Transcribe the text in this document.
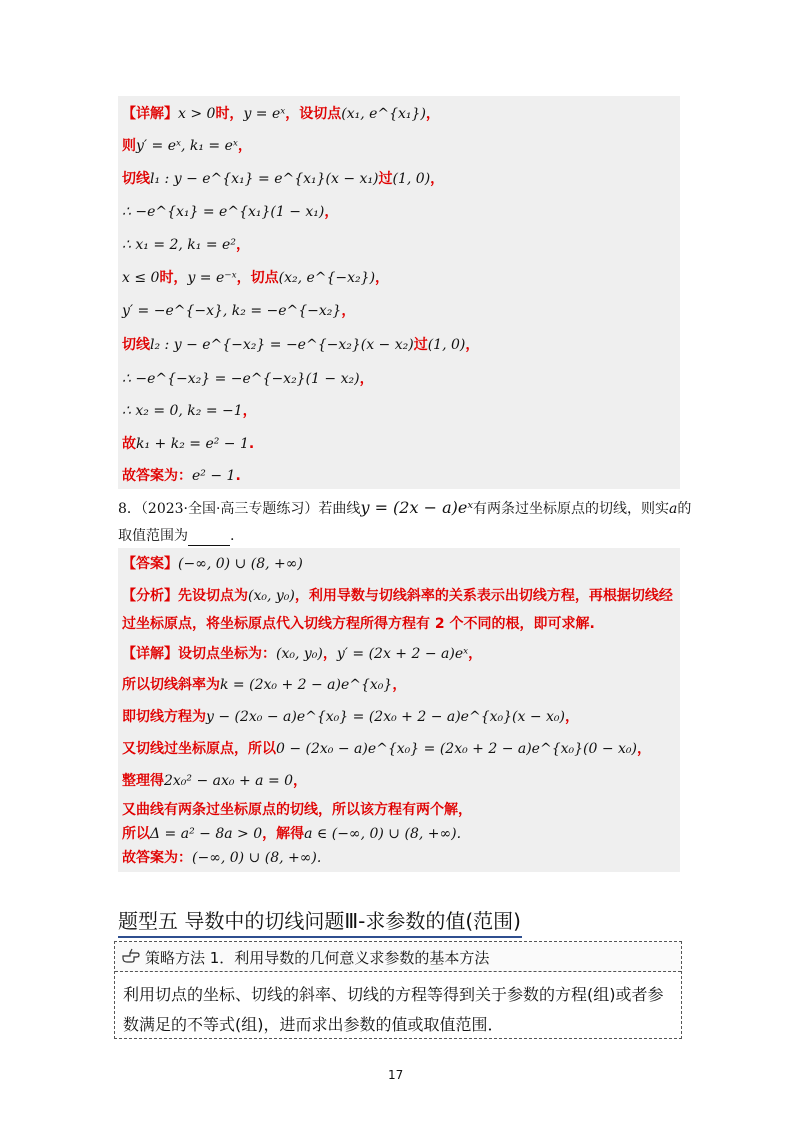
【详解】x > 0时，y = eˣ，设切点(x₁, e^{x₁})，
则y′ = eˣ, k₁ = eˣ，
切线l₁ : y − e^{x₁} = e^{x₁}(x − x₁)过(1, 0)，
∴ −e^{x₁} = e^{x₁}(1 − x₁)，
∴ x₁ = 2, k₁ = e²，
x ≤ 0时，y = e⁻ˣ，切点(x₂, e^{−x₂})，
y′ = −e^{−x}, k₂ = −e^{−x₂}，
切线l₂ : y − e^{−x₂} = −e^{−x₂}(x − x₂)过(1, 0)，
∴ −e^{−x₂} = −e^{−x₂}(1 − x₂)，
∴ x₂ = 0, k₂ = −1，
故k₁ + k₂ = e² − 1.
故答案为：e² − 1.
8．（2023·全国·高三专题练习）若曲线y = (2x − a)eˣ有两条过坐标原点的切线，则实a的
取值范围为	.
【答案】(−∞, 0) ∪ (8, +∞)
【分析】先设切点为(x₀, y₀)，利用导数与切线斜率的关系表示出切线方程，再根据切线经
过坐标原点，将坐标原点代入切线方程所得方程有 2 个不同的根，即可求解.
【详解】设切点坐标为：(x₀, y₀)，y′ = (2x + 2 − a)eˣ，
所以切线斜率为k = (2x₀ + 2 − a)e^{x₀}，
即切线方程为y − (2x₀ − a)e^{x₀} = (2x₀ + 2 − a)e^{x₀}(x − x₀)，
又切线过坐标原点，所以0 − (2x₀ − a)e^{x₀} = (2x₀ + 2 − a)e^{x₀}(0 − x₀)，
整理得2x₀² − ax₀ + a = 0，
又曲线有两条过坐标原点的切线，所以该方程有两个解，
所以Δ = a² − 8a > 0，解得a ∈ (−∞, 0) ∪ (8, +∞).
故答案为：(−∞, 0) ∪ (8, +∞).
题型五 导数中的切线问题Ⅲ-求参数的值(范围)
策略方法 1．利用导数的几何意义求参数的基本方法
利用切点的坐标、切线的斜率、切线的方程等得到关于参数的方程(组)或者参
数满足的不等式(组)，进而求出参数的值或取值范围．
17
